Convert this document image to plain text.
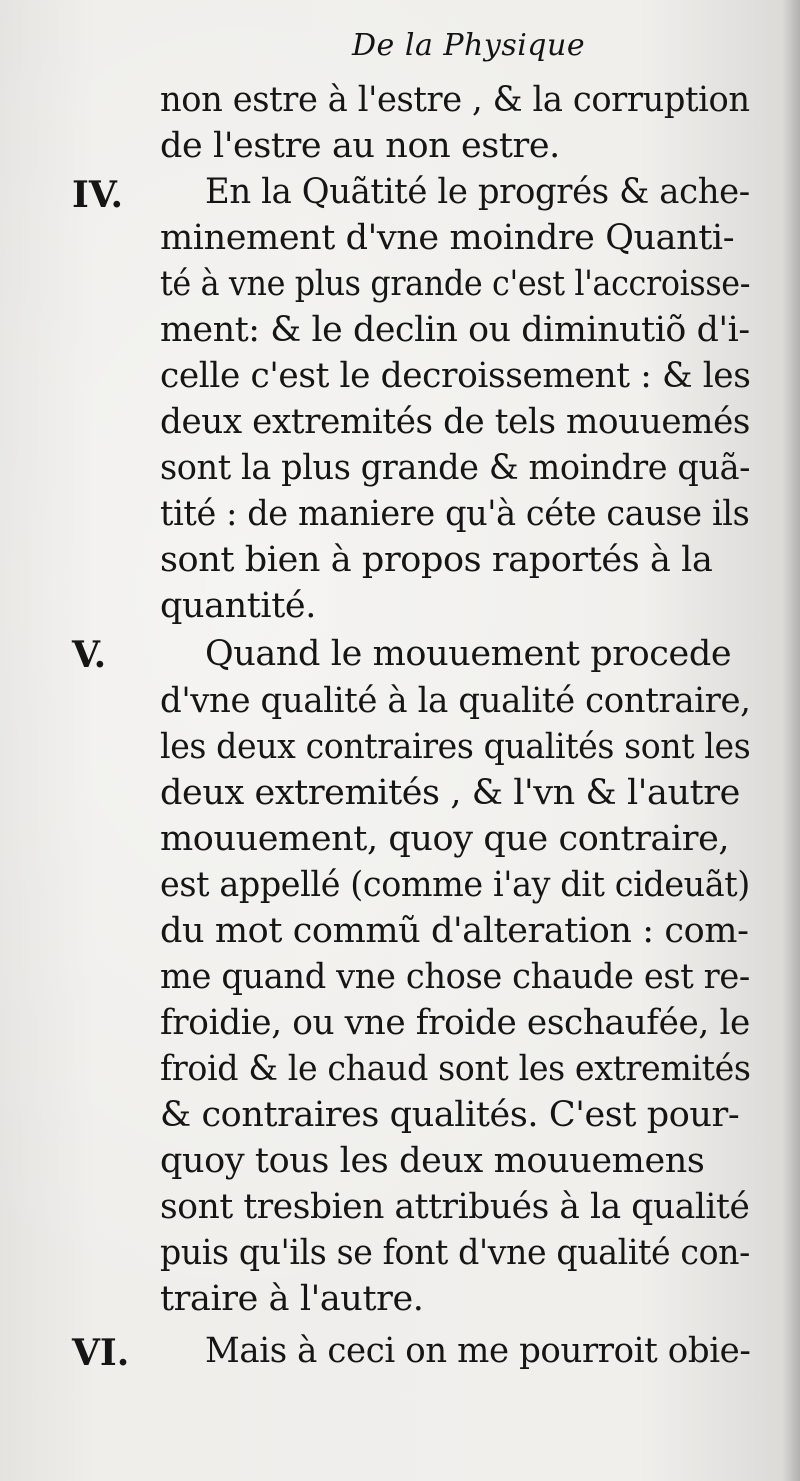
De la Physique
IV.
V.
VI.
non estre à l'estre , & la corruption
de l'estre au non estre.
En la Quãtité le progrés & ache-
minement d'vne moindre Quanti-
té à vne plus grande c'est l'accroisse-
ment: & le declin ou diminutiõ d'i-
celle c'est le decroissement : & les
deux extremités de tels mouuemés
sont la plus grande & moindre quã-
tité : de maniere qu'à céte cause ils
sont bien à propos raportés à la
quantité.
Quand le mouuement procede
d'vne qualité à la qualité contraire,
les deux contraires qualités sont les
deux extremités , & l'vn & l'autre
mouuement, quoy que contraire,
est appellé (comme i'ay dit cideuãt)
du mot commũ d'alteration : com-
me quand vne chose chaude est re-
froidie, ou vne froide eschaufée, le
froid & le chaud sont les extremités
& contraires qualités. C'est pour-
quoy tous les deux mouuemens
sont tresbien attribués à la qualité
puis qu'ils se font d'vne qualité con-
traire à l'autre.
Mais à ceci on me pourroit obie-
